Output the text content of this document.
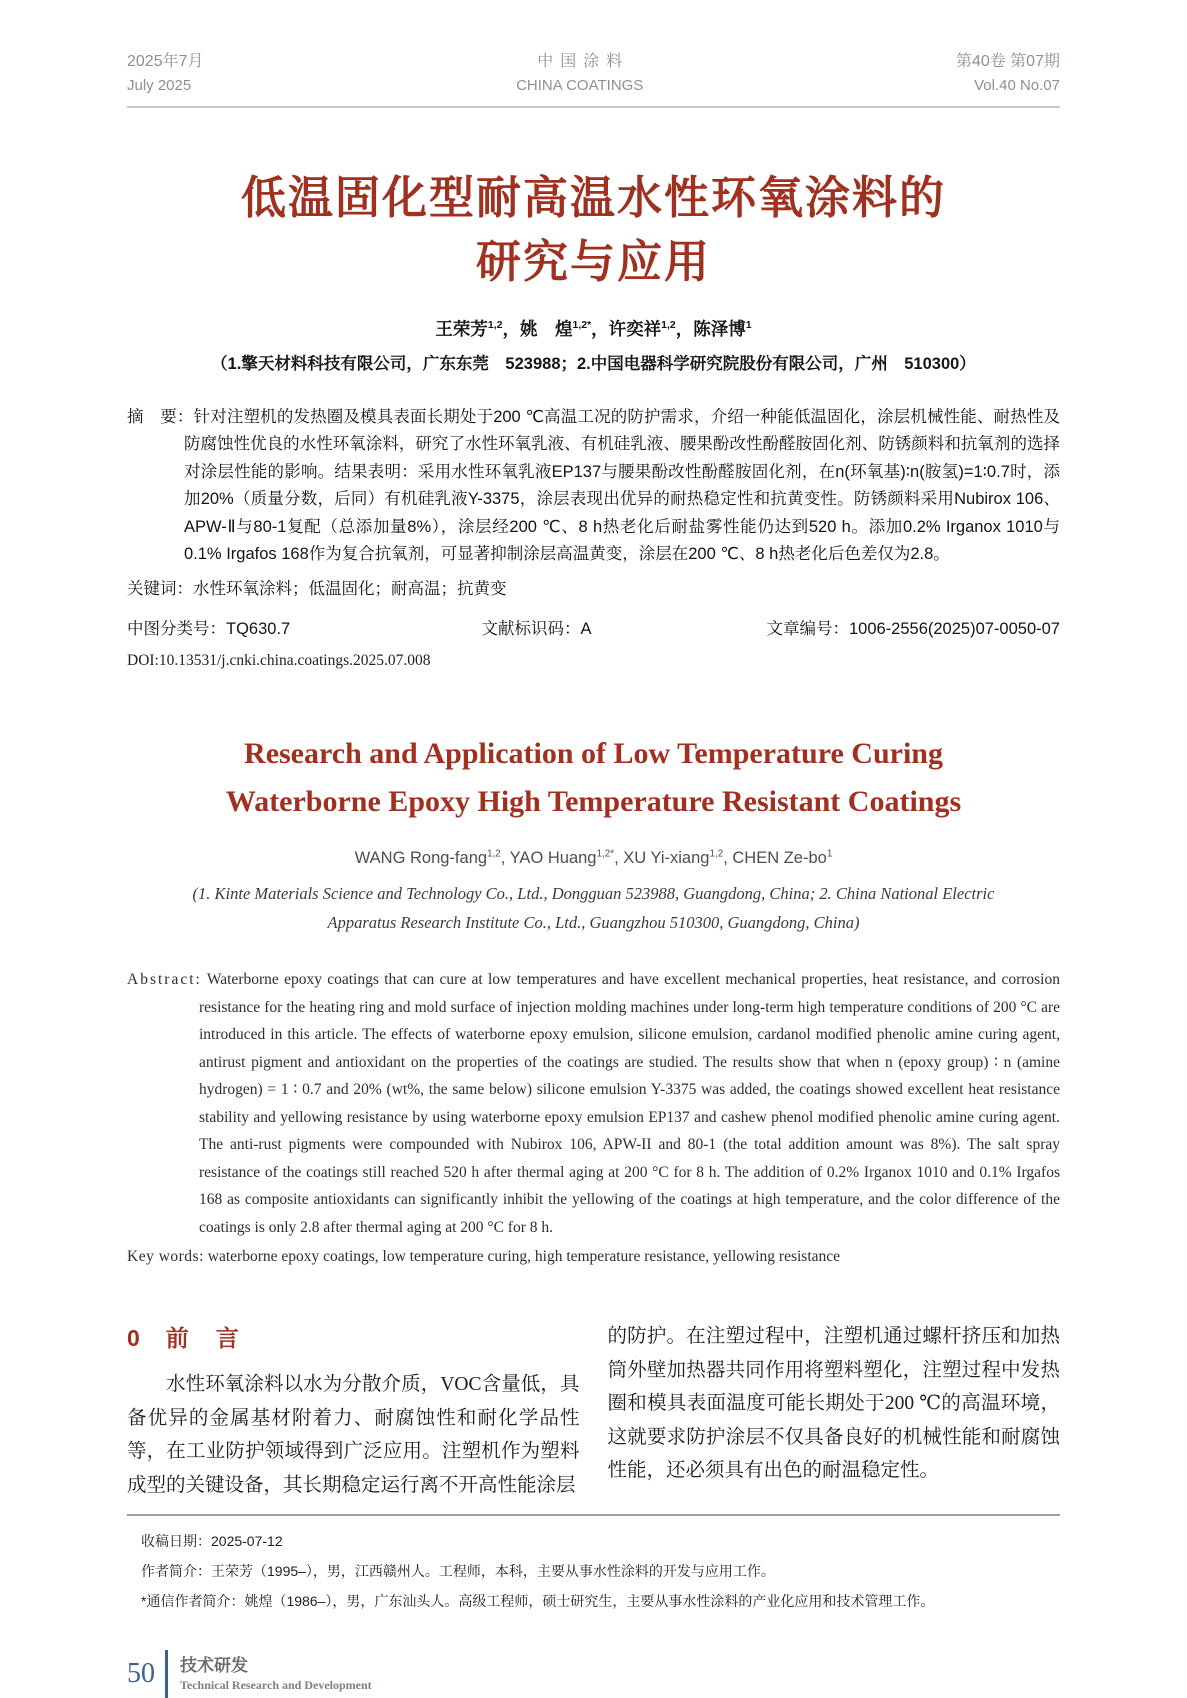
2025年7月
July 2025
中国涂料
CHINA COATINGS
第40卷 第07期
Vol.40 No.07
低温固化型耐高温水性环氧涂料的
研究与应用
王荣芳$^{1,2}$，姚　煌$^{1,2*}$，许奕祥$^{1,2}$，陈泽博$^1$
（1.擎天材料科技有限公司，广东东莞　523988；2.中国电器科学研究院股份有限公司，广州　510300）

摘　要：针对注塑机的发热圈及模具表面长期处于200 ℃高温工况的防护需求，介绍一种能低温固化，涂层机械性能、耐热性及防腐蚀性优良的水性环氧涂料，研究了水性环氧乳液、有机硅乳液、腰果酚改性酚醛胺固化剂、防锈颜料和抗氧剂的选择对涂层性能的影响。结果表明：采用水性环氧乳液EP137与腰果酚改性酚醛胺固化剂，在n(环氧基)∶n(胺氢)=1∶0.7时，添加20%（质量分数，后同）有机硅乳液Y-3375，涂层表现出优异的耐热稳定性和抗黄变性。防锈颜料采用Nubirox 106、APW-Ⅱ与80-1复配（总添加量8%），涂层经200 ℃、8 h热老化后耐盐雾性能仍达到520 h。添加0.2% Irganox 1010与0.1% Irgafos 168作为复合抗氧剂，可显著抑制涂层高温黄变，涂层在200 ℃、8 h热老化后色差仅为2.8。

关键词：水性环氧涂料；低温固化；耐高温；抗黄变

中图分类号：TQ630.7	文献标识码：A	文章编号：1006-2556(2025)07-0050-07
DOI:10.13531/j.cnki.china.coatings.2025.07.008
Research and Application of Low Temperature Curing
Waterborne Epoxy High Temperature Resistant Coatings
WANG Rong-fang$^{1,2}$, YAO Huang$^{1,2*}$, XU Yi-xiang$^{1,2}$, CHEN $Ze-bo^1$
(1. Kinte Materials Science and Technology Co., Ltd., Dongguan 523988, Guangdong, China; 2. China National Electric Apparatus Research Institute Co., Ltd., Guangzhou 510300, Guangdong, China)

Abstract: Waterborne epoxy coatings that can cure at low temperatures and have excellent mechanical properties, heat resistance, and corrosion resistance for the heating ring and mold surface of injection molding machines under long-term high temperature conditions of 200 °C are introduced in this article. The effects of waterborne epoxy emulsion, silicone emulsion, cardanol modified phenolic amine curing agent, antirust pigment and antioxidant on the properties of the coatings are studied. The results show that when n (epoxy group) ∶ n (amine hydrogen) = 1 ∶ 0.7 and 20% (wt%, the same below) silicone emulsion Y-3375 was added, the coatings showed excellent heat resistance stability and yellowing resistance by using waterborne epoxy emulsion EP137 and cashew phenol modified phenolic amine curing agent. The anti-rust pigments were compounded with Nubirox 106, APW-II and 80-1 (the total addition amount was 8%). The salt spray resistance of the coatings still reached 520 h after thermal aging at 200 °C for 8 h. The addition of 0.2% Irganox 1010 and 0.1% Irgafos 168 as composite antioxidants can significantly inhibit the yellowing of the coatings at high temperature, and the color difference of the coatings is only 2.8 after thermal aging at 200 °C for 8 h.

Key words: waterborne epoxy coatings, low temperature curing, high temperature resistance, yellowing resistance

0 前　言

水性环氧涂料以水为分散介质，VOC含量低，具备优异的金属基材附着力、耐腐蚀性和耐化学品性等，在工业防护领域得到广泛应用。注塑机作为塑料成型的关键设备，其长期稳定运行离不开高性能涂层

的防护。在注塑过程中，注塑机通过螺杆挤压和加热筒外壁加热器共同作用将塑料塑化，注塑过程中发热圈和模具表面温度可能长期处于200 ℃的高温环境，这就要求防护涂层不仅具备良好的机械性能和耐腐蚀性能，还必须具有出色的耐温稳定性。

收稿日期：2025-07-12
作者简介：王荣芳（1995–），男，江西赣州人。工程师，本科，主要从事水性涂料的开发与应用工作。
*通信作者简介：姚煌（1986–），男，广东汕头人。高级工程师，硕士研究生，主要从事水性涂料的产业化应用和技术管理工作。
50 技术研发
Technical Research and Development
